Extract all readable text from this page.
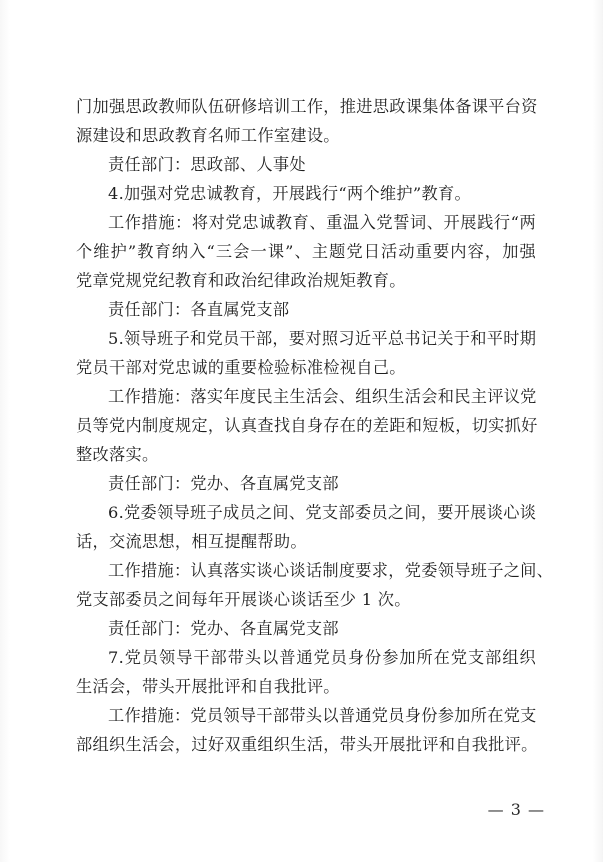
门加强思政教师队伍研修培训工作，推进思政课集体备课平台资
源建设和思政教育名师工作室建设。
责任部门：思政部、人事处
4.加强对党忠诚教育，开展践行“两个维护”教育。
工作措施：将对党忠诚教育、重温入党誓词、开展践行“两
个维护”教育纳入“三会一课”、主题党日活动重要内容，加强
党章党规党纪教育和政治纪律政治规矩教育。
责任部门：各直属党支部
5.领导班子和党员干部，要对照习近平总书记关于和平时期
党员干部对党忠诚的重要检验标准检视自己。
工作措施：落实年度民主生活会、组织生活会和民主评议党
员等党内制度规定，认真查找自身存在的差距和短板，切实抓好
整改落实。
责任部门：党办、各直属党支部
6.党委领导班子成员之间、党支部委员之间，要开展谈心谈
话，交流思想，相互提醒帮助。
工作措施：认真落实谈心谈话制度要求，党委领导班子之间、
党支部委员之间每年开展谈心谈话至少 1 次。
责任部门：党办、各直属党支部
7.党员领导干部带头以普通党员身份参加所在党支部组织
生活会，带头开展批评和自我批评。
工作措施：党员领导干部带头以普通党员身份参加所在党支
部组织生活会，过好双重组织生活，带头开展批评和自我批评。
— 3 —
